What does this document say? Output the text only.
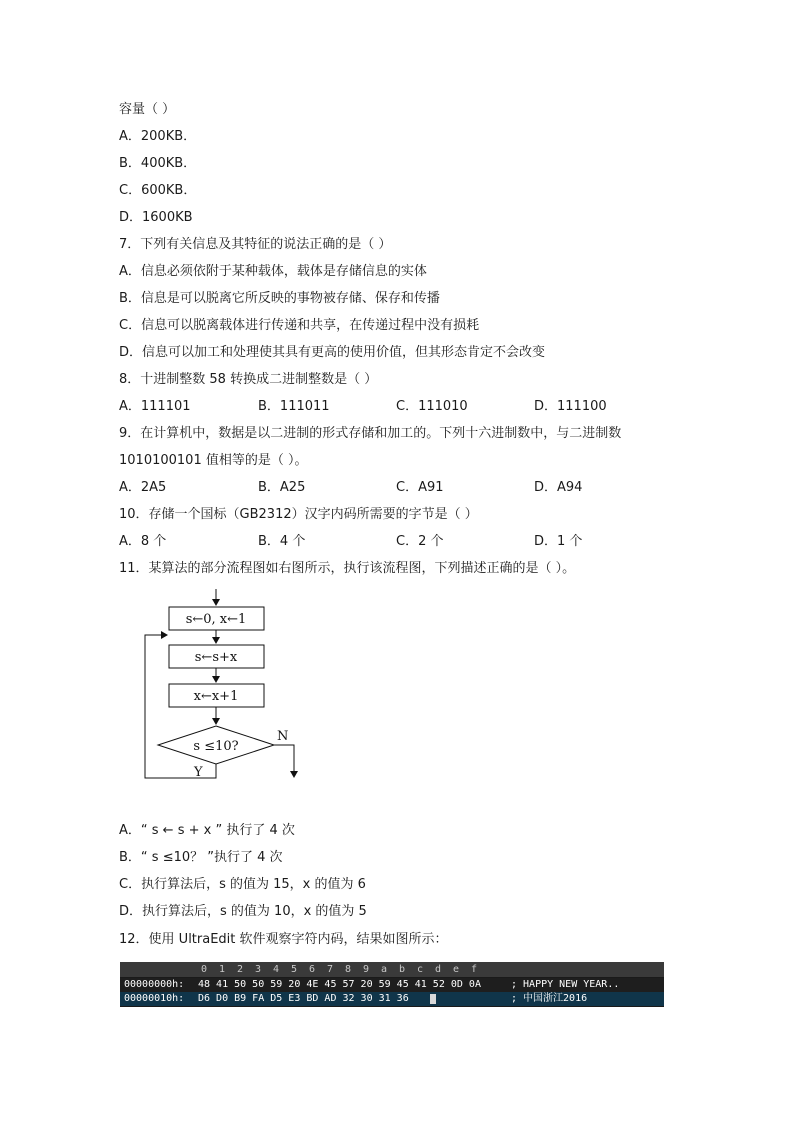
容量（ ）
A．200KB．
B．400KB．
C．600KB．
D．1600KB
7．下列有关信息及其特征的说法正确的是（ ）
A．信息必须依附于某种载体，载体是存储信息的实体
B．信息是可以脱离它所反映的事物被存储、保存和传播
C．信息可以脱离载体进行传递和共享，在传递过程中没有损耗
D．信息可以加工和处理使其具有更高的使用价值，但其形态肯定不会改变
8．十进制整数 58 转换成二进制整数是（ ）
A．111101	B．111011	C．111010	D．111100
9．在计算机中，数据是以二进制的形式存储和加工的。下列十六进制数中，与二进制数
1010100101 值相等的是（ ）。
A．2A5	B．A25	C．A91	D．A94
10．存储一个国标（GB2312）汉字内码所需要的字节是（ ）
A．8 个	B．4 个	C．2 个	D．1 个
11．某算法的部分流程图如右图所示，执行该流程图，下列描述正确的是（ ）。
s←0, x←1
s←s+x
x←x+1
s ≤10?
N
Y
A．“ s ← s + x ” 执行了 4 次
B．“ s ≤10？ ”执行了 4 次
C．执行算法后，s 的值为 15，x 的值为 6
D．执行算法后，s 的值为 10，x 的值为 5
12．使用 UltraEdit 软件观察字符内码，结果如图所示：
0 1 2 3 4 5 6 7 8 9 a b c d e f
00000000h: 48 41 50 50 59 20 4E 45 57 20 59 45 41 52 0D 0A	; HAPPY NEW YEAR..
00000010h: D6 D0 B9 FA D5 E3 BD AD 32 30 31 36	; 中国浙江2016
